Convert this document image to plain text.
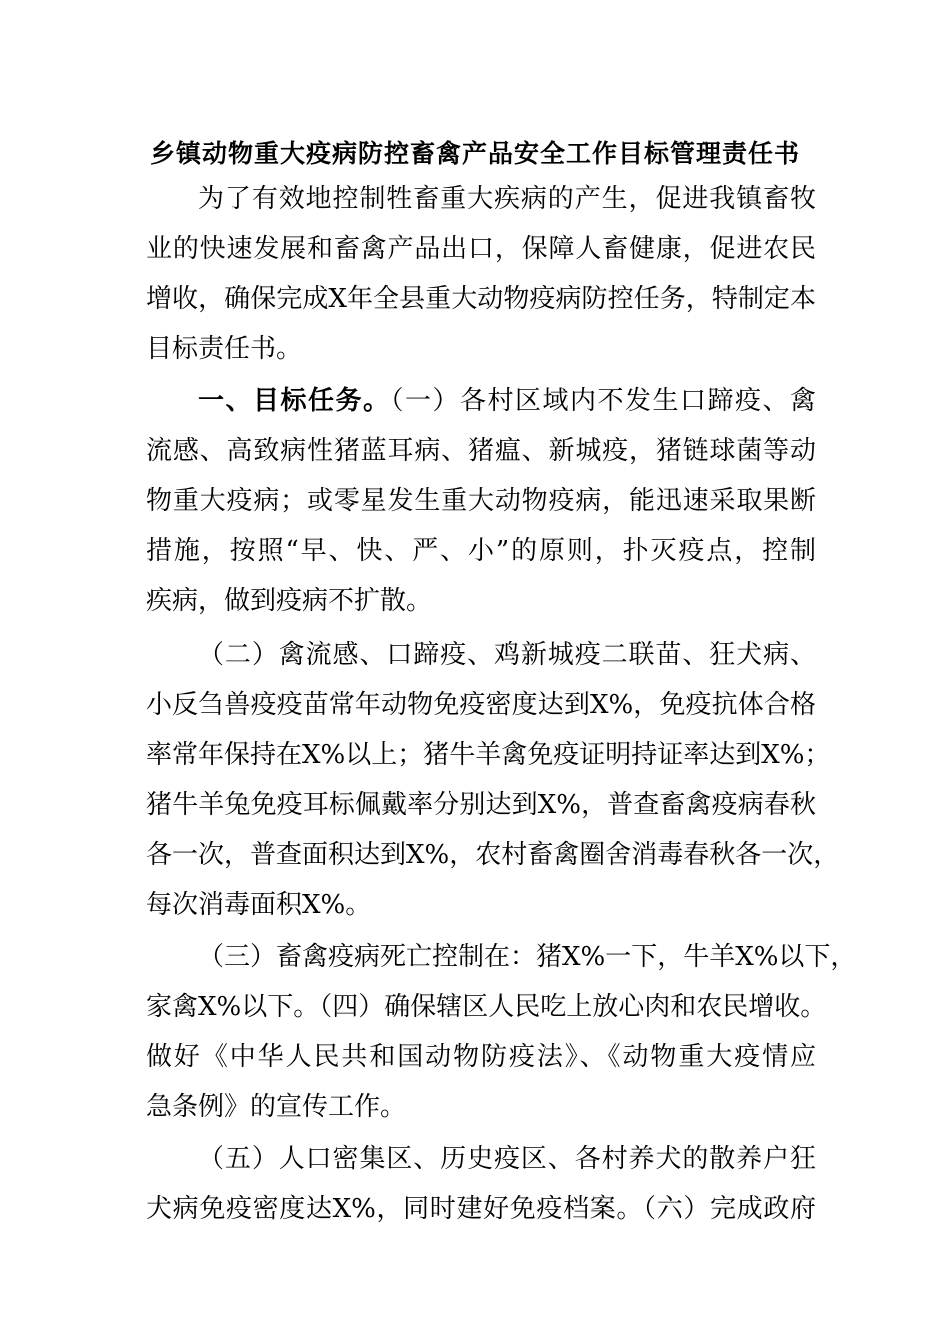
乡镇动物重大疫病防控畜禽产品安全工作目标管理责任书
为了有效地控制牲畜重大疾病的产生，促进我镇畜牧
业的快速发展和畜禽产品出口，保障人畜健康，促进农民
增收，确保完成X年全县重大动物疫病防控任务，特制定本
目标责任书。
一、目标任务。（一）各村区域内不发生口蹄疫、禽
流感、高致病性猪蓝耳病、猪瘟、新城疫，猪链球菌等动
物重大疫病；或零星发生重大动物疫病，能迅速采取果断
措施，按照“早、快、严、小”的原则，扑灭疫点，控制
疾病，做到疫病不扩散。
（二）禽流感、口蹄疫、鸡新城疫二联苗、狂犬病、
小反刍兽疫疫苗常年动物免疫密度达到X%，免疫抗体合格
率常年保持在X%以上；猪牛羊禽免疫证明持证率达到X%；
猪牛羊兔免疫耳标佩戴率分别达到X%，普查畜禽疫病春秋
各一次，普查面积达到X%，农村畜禽圈舍消毒春秋各一次，
每次消毒面积X%。
（三）畜禽疫病死亡控制在：猪X%一下，牛羊X%以下，
家禽X%以下。（四）确保辖区人民吃上放心肉和农民增收。
做好《中华人民共和国动物防疫法》、《动物重大疫情应
急条例》的宣传工作。
（五）人口密集区、历史疫区、各村养犬的散养户狂
犬病免疫密度达X%，同时建好免疫档案。（六）完成政府
